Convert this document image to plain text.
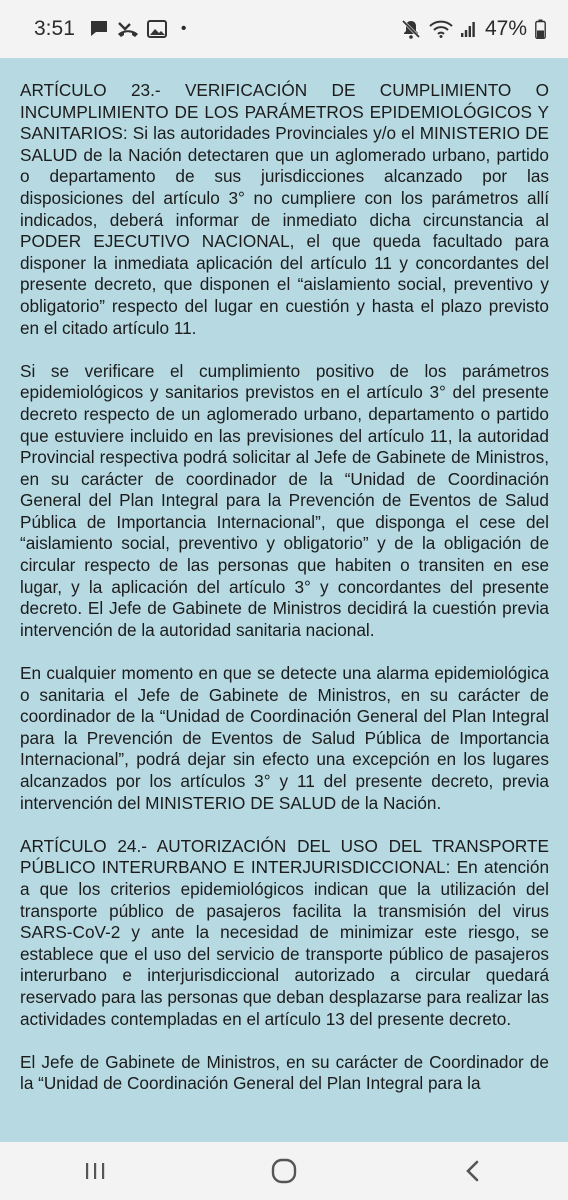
3:51	•	47%

ARTÍCULO 23.- VERIFICACIÓN DE CUMPLIMIENTO O INCUMPLIMIENTO DE LOS PARÁMETROS EPIDEMIOLÓGICOS Y SANITARIOS: Si las autoridades Provinciales y/o el MINISTERIO DE SALUD de la Nación detectaren que un aglomerado urbano, partido o departamento de sus jurisdicciones alcanzado por las disposiciones del artículo 3° no cumpliere con los parámetros allí indicados, deberá informar de inmediato dicha circunstancia al PODER EJECUTIVO NACIONAL, el que queda facultado para disponer la inmediata aplicación del artículo 11 y concordantes del presente decreto, que disponen el “aislamiento social, preventivo y obligatorio” respecto del lugar en cuestión y hasta el plazo previsto en el citado artículo 11.

Si se verificare el cumplimiento positivo de los parámetros epidemiológicos y sanitarios previstos en el artículo 3° del presente decreto respecto de un aglomerado urbano, departamento o partido que estuviere incluido en las previsiones del artículo 11, la autoridad Provincial respectiva podrá solicitar al Jefe de Gabinete de Ministros, en su carácter de coordinador de la “Unidad de Coordinación General del Plan Integral para la Prevención de Eventos de Salud Pública de Importancia Internacional”, que disponga el cese del “aislamiento social, preventivo y obligatorio” y de la obligación de circular respecto de las personas que habiten o transiten en ese lugar, y la aplicación del artículo 3° y concordantes del presente decreto. El Jefe de Gabinete de Ministros decidirá la cuestión previa intervención de la autoridad sanitaria nacional.

En cualquier momento en que se detecte una alarma epidemiológica o sanitaria el Jefe de Gabinete de Ministros, en su carácter de coordinador de la “Unidad de Coordinación General del Plan Integral para la Prevención de Eventos de Salud Pública de Importancia Internacional”, podrá dejar sin efecto una excepción en los lugares alcanzados por los artículos 3° y 11 del presente decreto, previa intervención del MINISTERIO DE SALUD de la Nación.

ARTÍCULO 24.- AUTORIZACIÓN DEL USO DEL TRANSPORTE PÚBLICO INTERURBANO E INTERJURISDICCIONAL: En atención a que los criterios epidemiológicos indican que la utilización del transporte público de pasajeros facilita la transmisión del virus SARS-CoV-2 y ante la necesidad de minimizar este riesgo, se establece que el uso del servicio de transporte público de pasajeros interurbano e interjurisdiccional autorizado a circular quedará reservado para las personas que deban desplazarse para realizar las actividades contempladas en el artículo 13 del presente decreto.

El Jefe de Gabinete de Ministros, en su carácter de Coordinador de la “Unidad de Coordinación General del Plan Integral para la
